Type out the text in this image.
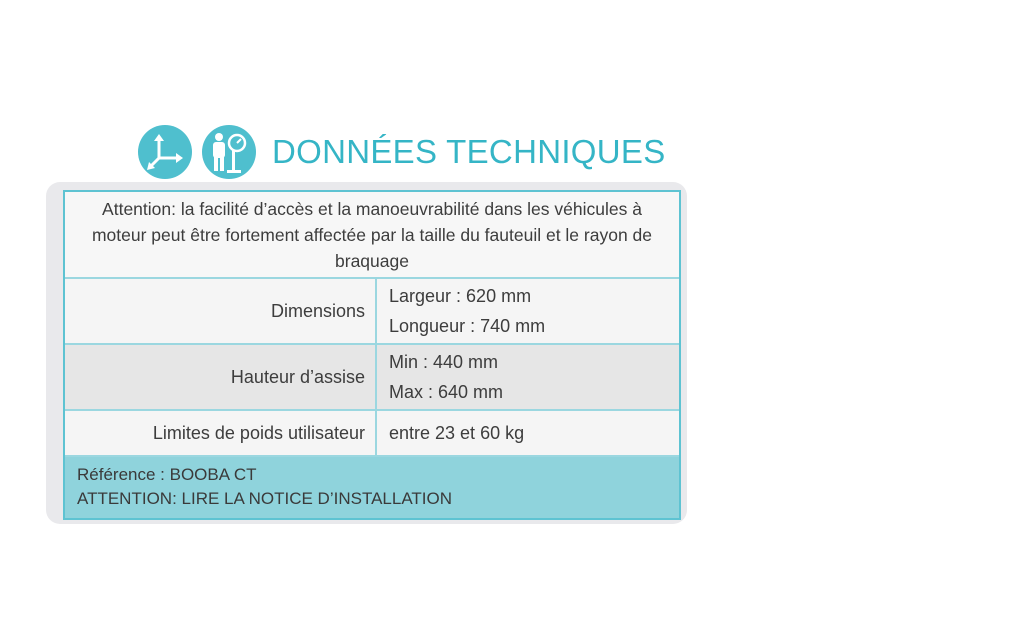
DONNÉES TECHNIQUES
Attention: la facilité d’accès et la manoeuvrabilité dans les véhicules à moteur peut être fortement affectée par la taille du fauteuil et le rayon de braquage
Dimensions
Largeur : 620 mm
Longueur : 740 mm
Hauteur d’assise
Min : 440 mm
Max : 640 mm
Limites de poids utilisateur	entre 23 et 60 kg
Référence : BOOBA CT
ATTENTION: LIRE LA NOTICE D’INSTALLATION
